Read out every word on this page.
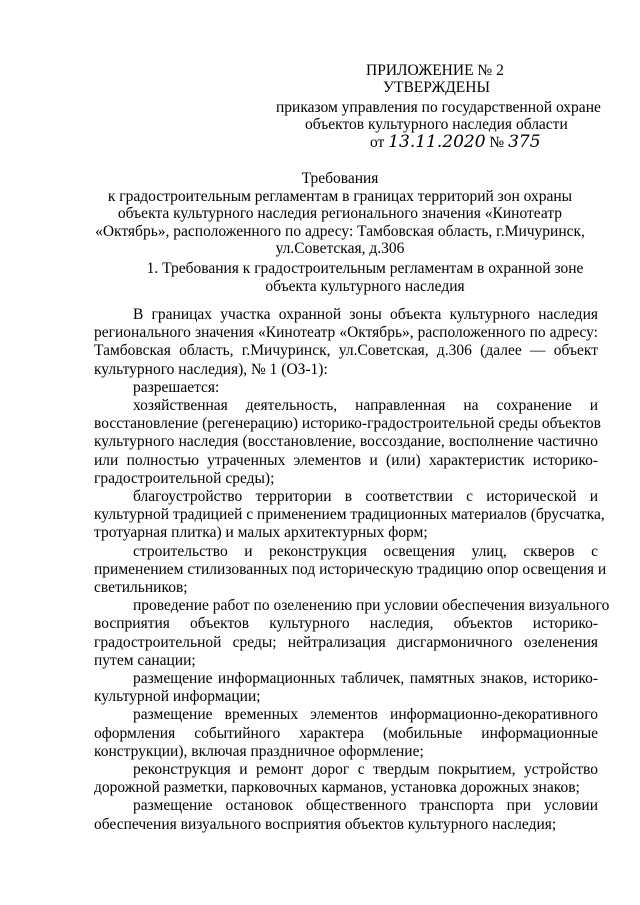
ПРИЛОЖЕНИЕ № 2
УТВЕРЖДЕНЫ
приказом управления по государственной охране
объектов культурного наследия области
от 13.11.2020 № 375
Требования
к градостроительным регламентам в границах территорий зон охраны
объекта культурного наследия регионального значения «Кинотеатр
«Октябрь», расположенного по адресу: Тамбовская область, г.Мичуринск,
ул.Советская, д.306
1. Требования к градостроительным регламентам в охранной зоне
объекта культурного наследия

В границах участка охранной зоны объекта культурного наследия
регионального значения «Кинотеатр «Октябрь», расположенного по адресу:
Тамбовская область, г.Мичуринск, ул.Советская, д.306 (далее — объект
культурного наследия), № 1 (ОЗ-1):

разрешается:

хозяйственная деятельность, направленная на сохранение и
восстановление (регенерацию) историко-градостроительной среды объектов
культурного наследия (восстановление, воссоздание, восполнение частично
или полностью утраченных элементов и (или) характеристик историко-
градостроительной среды);

благоустройство территории в соответствии с исторической и
культурной традицией с применением традиционных материалов (брусчатка,
тротуарная плитка) и малых архитектурных форм;

строительство и реконструкция освещения улиц, скверов с
применением стилизованных под историческую традицию опор освещения и
светильников;

проведение работ по озеленению при условии обеспечения визуального
восприятия объектов культурного наследия, объектов историко-
градостроительной среды; нейтрализация дисгармоничного озеленения
путем санации;

размещение информационных табличек, памятных знаков, историко-
культурной информации;

размещение временных элементов информационно-декоративного
оформления событийного характера (мобильные информационные
конструкции), включая праздничное оформление;

реконструкция и ремонт дорог с твердым покрытием, устройство
дорожной разметки, парковочных карманов, установка дорожных знаков;

размещение остановок общественного транспорта при условии
обеспечения визуального восприятия объектов культурного наследия;
